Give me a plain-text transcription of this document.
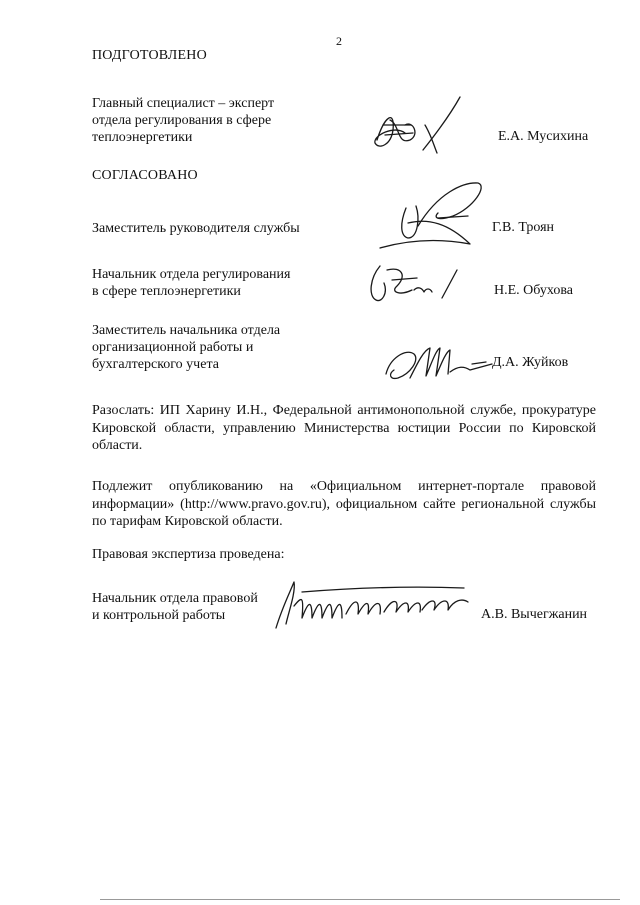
2
ПОДГОТОВЛЕНО
Главный специалист – эксперт
отдела регулирования в сфере
теплоэнергетики	Е.А. Мусихина
СОГЛАСОВАНО
Заместитель руководителя службы	Г.В. Троян
Начальник отдела регулирования
в сфере теплоэнергетики	Н.Е. Обухова
Заместитель начальника отдела
организационной работы и
бухгалтерского учета	Д.А. Жуйков
Разослать: ИП Харину И.Н., Федеральной антимонопольной службе, прокуратуре Кировской области, управлению Министерства юстиции России по Кировской области.
Подлежит опубликованию на «Официальном интернет-портале правовой информации» (http://www.pravo.gov.ru), официальном сайте региональной службы по тарифам Кировской области.
Правовая экспертиза проведена:
Начальник отдела правовой
и контрольной работы	А.В. Вычегжанин
